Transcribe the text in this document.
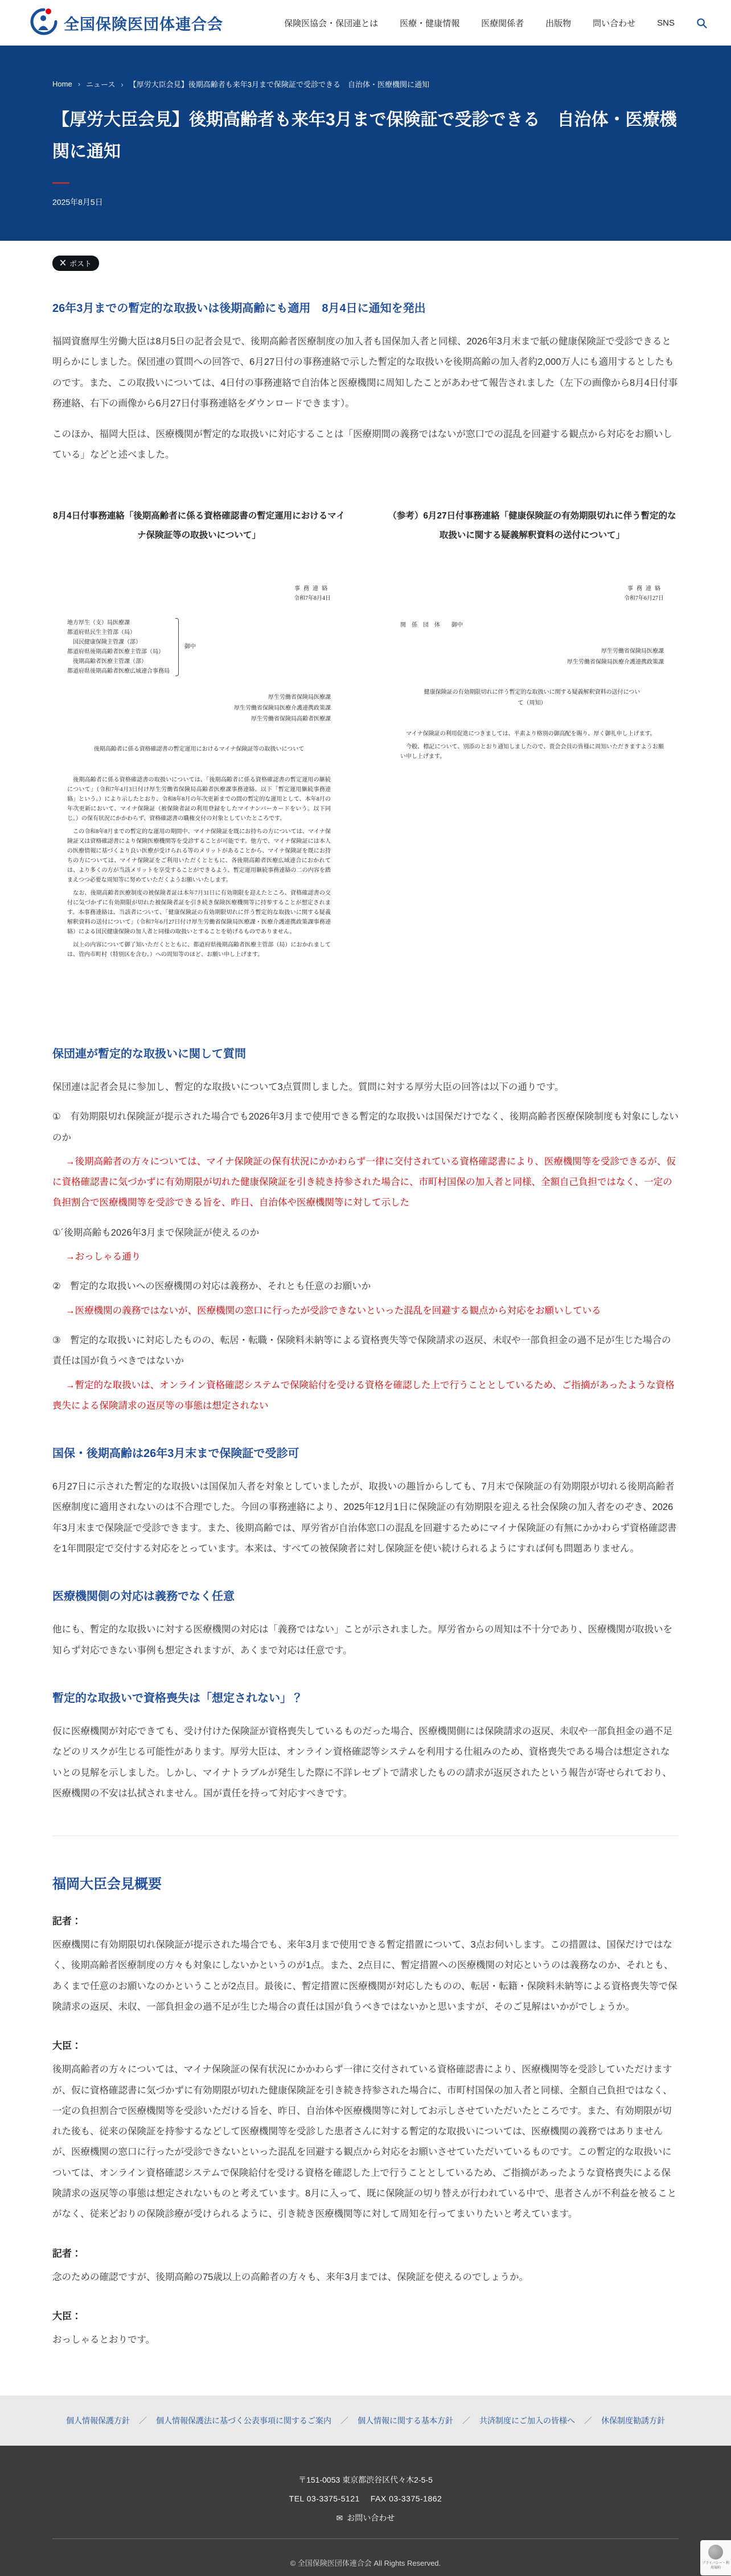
全国保険医団体連合会	保険医協会・保団連とは	医療・健康情報	医療関係者	出版物	問い合わせ	SNS
Home ›	ニュース ›	【厚労大臣会見】後期高齢者も来年3月まで保険証で受診できる　自治体・医療機関に通知
【厚労大臣会見】後期高齢者も来年3月まで保険証で受診できる　自治体・医療機関に通知
2025年8月5日
ポスト
26年3月までの暫定的な取扱いは後期高齢にも適用　8月4日に通知を発出

福岡資麿厚生労働大臣は8月5日の記者会見で、後期高齢者医療制度の加入者も国保加入者と同様、2026年3月末まで紙の健康保険証で受診できると明らかにしました。保団連の質問への回答で、6月27日付の事務連絡で示した暫定的な取扱いを後期高齢の加入者約2,000万人にも適用するとしたものです。また、この取扱いについては、4日付の事務連絡で自治体と医療機関に周知したことがあわせて報告されました（左下の画像から8月4日付事務連絡、右下の画像から6月27日付事務連絡をダウンロードできます）。

このほか、福岡大臣は、医療機関が暫定的な取扱いに対応することは「医療期間の義務ではないが窓口での混乱を回避する観点から対応をお願いしている」などと述べました。

8月4日付事務連絡「後期高齢者に係る資格確認書の暫定運用におけるマイナ保険証等の取扱いについて」
事務連絡
令和7年8月4日
地方厚生（支）局医療課
都道府県民生主管部（局）
　国民健康保険主管課（部）
都道府県後期高齢者医療主管部（局）
　後期高齢者医療主管課（部）
都道府県後期高齢者医療広域連合事務局
御中
厚生労働省保険局医療課
厚生労働省保険局医療介護連携政策課
厚生労働省保険局高齢者医療課
後期高齢者に係る資格確認書の暫定運用におけるマイナ保険証等の取扱いについて

　後期高齢者に係る資格確認書の取扱いについては、「後期高齢者に係る資格確認書の暫定運用の継続について」（令和7年4月3日付け厚生労働省保険局高齢者医療課事務連絡。以下「暫定運用継続事務連絡」という。）により示したとおり、令和8年8月の年次更新までの間の暫定的な運用として、本年8月の年次更新において、マイナ保険証（被保険者証の利用登録をしたマイナンバーカードをいう。以下同じ。）の保有状況にかかわらず、資格確認書の職権交付の対象としていたところです。

　この令和8年8月までの暫定的な運用の期間中、マイナ保険証を既にお持ちの方については、マイナ保険証又は資格確認書により保険医療機関等を受診することが可能です。他方で、マイナ保険証には本人の医療情報に基づくより良い医療が受けられる等のメリットがあることから、マイナ保険証を既にお持ちの方については、マイナ保険証をご利用いただくとともに、各後期高齢者医療広域連合におかれては、より多くの方が当該メリットを享受することができるよう、暫定運用継続事務連絡の二の内容を踏まえつつ必要な周知等に努めていただくようお願いいたします。

　なお、後期高齢者医療制度の被保険者証は本年7月31日に有効期限を迎えたところ、資格確認書の交付に気づかずに有効期限が切れた被保険者証を引き続き保険医療機関等に持参することが想定されます。本事務連絡は、当該者について、「健康保険証の有効期限切れに伴う暫定的な取扱いに関する疑義解釈資料の送付について」（令和7年6月27日付け厚生労働省保険局医療課・医療介護連携政策課事務連絡）による国民健康保険の加入者と同様の取扱いとすることを妨げるものでありません。

　以上の内容について御了知いただくとともに、都道府県後期高齢者医療主管部（局）におかれましては、管内市町村（特別区を含む。）への周知等のほど、お願い申し上げます。

（参考）6月27日付事務連絡「健康保険証の有効期限切れに伴う暫定的な取扱いに関する疑義解釈資料の送付について」
事務連絡
令和7年6月27日
関　係　団　体　　御中
厚生労働省保険局医療課
厚生労働省保険局医療介護連携政策課
健康保険証の有効期限切れに伴う暫定的な取扱いに関する疑義解釈資料の送付について（周知）

　マイナ保険証の利用促進につきましては、平素より格別の御高配を賜り、厚く御礼申し上げます。

　今般、標記について、別添のとおり通知しましたので、貴会会員の皆様に周知いただきますようお願い申し上げます。

保団連が暫定的な取扱いに関して質問

保団連は記者会見に参加し、暫定的な取扱いについて3点質問しました。質問に対する厚労大臣の回答は以下の通りです。

①　有効期限切れ保険証が提示された場合でも2026年3月まで使用できる暫定的な取扱いは国保だけでなく、後期高齢者医療保険制度も対象にしないのか
→後期高齢者の方々については、マイナ保険証の保有状況にかかわらず一律に交付されている資格確認書により、医療機関等を受診できるが、仮に資格確認書に気づかずに有効期限が切れた健康保険証を引き続き持参された場合に、市町村国保の加入者と同様、全額自己負担ではなく、一定の負担割合で医療機関等を受診できる旨を、昨日、自治体や医療機関等に対して示した
①´後期高齢も2026年3月まで保険証が使えるのか
→おっしゃる通り
②　暫定的な取扱いへの医療機関の対応は義務か、それとも任意のお願いか
→医療機関の義務ではないが、医療機関の窓口に行ったが受診できないといった混乱を回避する観点から対応をお願いしている
③　暫定的な取扱いに対応したものの、転居・転職・保険料未納等による資格喪失等で保険請求の返戻、未収や一部負担金の過不足が生じた場合の責任は国が負うべきではないか
→暫定的な取扱いは、オンライン資格確認システムで保険給付を受ける資格を確認した上で行うこととしているため、ご指摘があったような資格喪失による保険請求の返戻等の事態は想定されない
国保・後期高齢は26年3月末まで保険証で受診可

6月27日に示された暫定的な取扱いは国保加入者を対象としていましたが、取扱いの趣旨からしても、7月末で保険証の有効期限が切れる後期高齢者医療制度に適用されないのは不合理でした。今回の事務連絡により、2025年12月1日に保険証の有効期限を迎える社会保険の加入者をのぞき、2026年3月末まで保険証で受診できます。また、後期高齢では、厚労省が自治体窓口の混乱を回避するためにマイナ保険証の有無にかかわらず資格確認書を1年間限定で交付する対応をとっています。本来は、すべての被保険者に対し保険証を使い続けられるようにすれば何も問題ありません。

医療機関側の対応は義務でなく任意

他にも、暫定的な取扱いに対する医療機関の対応は「義務ではない」ことが示されました。厚労省からの周知は不十分であり、医療機関が取扱いを知らず対応できない事例も想定されますが、あくまで対応は任意です。

暫定的な取扱いで資格喪失は「想定されない」？

仮に医療機関が対応できても、受け付けた保険証が資格喪失しているものだった場合、医療機関側には保険請求の返戻、未収や一部負担金の過不足などのリスクが生じる可能性があります。厚労大臣は、オンライン資格確認等システムを利用する仕組みのため、資格喪失である場合は想定されないとの見解を示しました。しかし、マイナトラブルが発生した際に不詳レセプトで請求したものの請求が返戻されたという報告が寄せられており、医療機関の不安は払拭されません。国が責任を持って対応すべきです。

福岡大臣会見概要
記者：

医療機関に有効期限切れ保険証が提示された場合でも、来年3月まで使用できる暫定措置について、3点お伺いします。この措置は、国保だけではなく、後期高齢者医療制度の方々も対象にしないかというのが1点。また、2点目に、暫定措置への医療機関の対応というのは義務なのか、それとも、あくまで任意のお願いなのかということが2点目。最後に、暫定措置に医療機関が対応したものの、転居・転籍・保険料未納等による資格喪失等で保険請求の返戻、未収、一部負担金の過不足が生じた場合の責任は国が負うべきではないかと思いますが、そのご見解はいかがでしょうか。

大臣：

後期高齢者の方々については、マイナ保険証の保有状況にかかわらず一律に交付されている資格確認書により、医療機関等を受診していただけますが、仮に資格確認書に気づかずに有効期限が切れた健康保険証を引き続き持参された場合に、市町村国保の加入者と同様、全額自己負担ではなく、一定の負担割合で医療機関等を受診いただける旨を、昨日、自治体や医療機関等に対してお示しさせていただいたところです。また、有効期限が切れた後も、従来の保険証を持参するなどして医療機関等を受診した患者さんに対する暫定的な取扱いについては、医療機関の義務ではありませんが、医療機関の窓口に行ったが受診できないといった混乱を回避する観点から対応をお願いさせていただいているものです。この暫定的な取扱いについては、オンライン資格確認システムで保険給付を受ける資格を確認した上で行うこととしているため、ご指摘があったような資格喪失による保険請求の返戻等の事態は想定されないものと考えています。8月に入って、既に保険証の切り替えが行われている中で、患者さんが不利益を被ることがなく、従来どおりの保険診療が受けられるように、引き続き医療機関等に対して周知を行ってまいりたいと考えています。

記者：

念のための確認ですが、後期高齢の75歳以上の高齢者の方々も、来年3月までは、保険証を使えるのでしょうか。

大臣：

おっしゃるとおりです。

個人情報保護方針 ／	個人情報保護法に基づく公表事項に関するご案内 ／	個人情報に関する基本方針 ／	共済制度にご加入の皆様へ ／	休保制度勧誘方針
〒151-0053 東京都渋谷区代々木2-5-5
TEL 03-3375-5121　 FAX 03-3375-1862
✉ お問い合わせ
© 全国保険医団体連合会 All Rights Reserved.	プライバシー・利用規約
